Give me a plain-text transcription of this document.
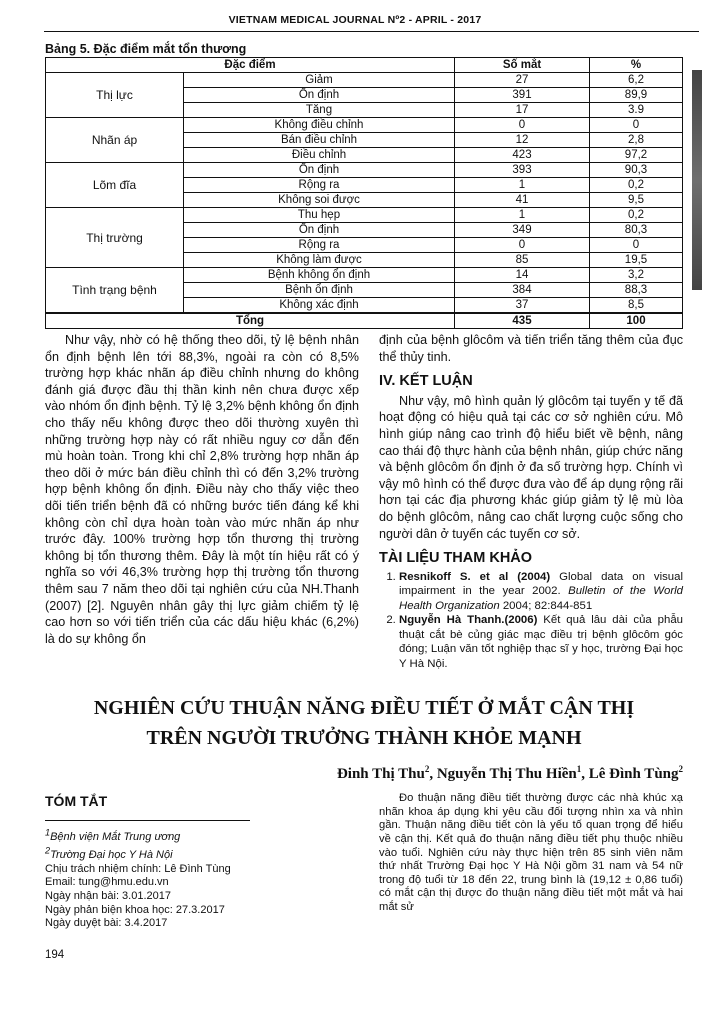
VIETNAM MEDICAL JOURNAL Nº2 - APRIL - 2017
Bảng 5. Đặc điểm mắt tổn thương
Đặc điểm		Số mắt	%
Thị lực	Giảm	27	6,2
	Ổn định	391	89,9
	Tăng	17	3.9
Nhãn áp	Không điều chỉnh	0	0
	Bán điều chỉnh	12	2,8
	Điều chỉnh	423	97,2
Lõm đĩa	Ổn định	393	90,3
	Rộng ra	1	0,2
	Không soi được	41	9,5
Thị trường	Thu hẹp	1	0,2
	Ổn định	349	80,3
	Rộng ra	0	0
	Không làm được	85	19,5
Tình trạng bệnh	Bệnh không ổn định	14	3,2
	Bệnh ổn định	384	88,3
	Không xác định	37	8,5
Tổng		435	100

Như vậy, nhờ có hệ thống theo dõi, tỷ lệ bệnh nhân ổn định bệnh lên tới 88,3%, ngoài ra còn có 8,5% trường hợp khác nhãn áp điều chỉnh nhưng do không đánh giá được đầu thị thần kinh nên chưa được xếp vào nhóm ổn định bệnh. Tỷ lệ 3,2% bệnh không ổn định cho thấy nếu không được theo dõi thường xuyên thì những trường hợp này có rất nhiều nguy cơ dẫn đến mù hoàn toàn. Trong khi chỉ 2,8% trường hợp nhãn áp theo dõi ở mức bán điều chỉnh thì có đến 3,2% trường hợp bệnh không ổn định. Điều này cho thấy việc theo dõi tiến triển bệnh đã có những bước tiến đáng kể khi không còn chỉ dựa hoàn toàn vào mức nhãn áp như trước đây. 100% trường hợp tổn thương thị trường không bị tổn thương thêm. Đây là một tín hiệu rất có ý nghĩa so với 46,3% trường hợp thị trường tổn thương thêm sau 7 năm theo dõi tại nghiên cứu của NH.Thanh (2007) [2]. Nguyên nhân gây thị lực giảm chiếm tỷ lệ cao hơn so với tiến triển của các dấu hiệu khác (6,2%) là do sự không ổn

định của bệnh glôcôm và tiến triển tăng thêm của đục thể thủy tinh.
IV. KẾT LUẬN

Như vậy, mô hình quản lý glôcôm tại tuyến y tế đã hoạt động có hiệu quả tại các cơ sở nghiên cứu. Mô hình giúp nâng cao trình độ hiểu biết về bệnh, nâng cao thái độ thực hành của bệnh nhân, giúp chức năng và bệnh glôcôm ổn định ở đa số trường hợp. Chính vì vậy mô hình có thể được đưa vào để áp dụng rộng rãi hơn tại các địa phương khác giúp giảm tỷ lệ mù lòa do bệnh glôcôm, nâng cao chất lượng cuộc sống cho người dân ở tuyến các tuyến cơ sở.

TÀI LIỆU THAM KHẢO
1. Resnikoff S. et al (2004) Global data on visual impairment in the year 2002. Bulletin of the World Health Organization 2004; 82:844-851
2. Nguyễn Hà Thanh.(2006) Kết quả lâu dài của phẫu thuật cắt bè củng giác mạc điều trị bệnh glôcôm góc đóng; Luận văn tốt nghiệp thạc sĩ y học, trường Đại học Y Hà Nội.
NGHIÊN CỨU THUẬN NĂNG ĐIỀU TIẾT Ở MẮT CẬN THỊ
TRÊN NGƯỜI TRƯỞNG THÀNH KHỎE MẠNH
Đinh Thị Thu$^2$, Nguyễn Thị Thu Hiền$^1$, Lê Đình Tùng$^2$
TÓM TẮT
$^1$Bệnh viện Mắt Trung ương
$^2$Trường Đại học Y Hà Nội
Chịu trách nhiệm chính: Lê Đình Tùng
Email: tung@hmu.edu.vn
Ngày nhận bài: 3.01.2017
Ngày phản biện khoa học: 27.3.2017
Ngày duyệt bài: 3.4.2017
194

Đo thuận năng điều tiết thường được các nhà khúc xạ nhãn khoa áp dụng khi yêu cầu đối tượng nhìn xa và nhìn gần. Thuận năng điều tiết còn là yếu tố quan trọng để hiểu về cận thị. Kết quả đo thuận năng điều tiết phụ thuộc nhiều vào tuổi. Nghiên cứu này thực hiện trên 85 sinh viên năm thứ nhất Trường Đại học Y Hà Nội gồm 31 nam và 54 nữ trong độ tuổi từ 18 đến 22, trung bình là (19,12 ± 0,86 tuổi) có mắt cận thị được đo thuận năng điều tiết một mắt và hai mắt sử
